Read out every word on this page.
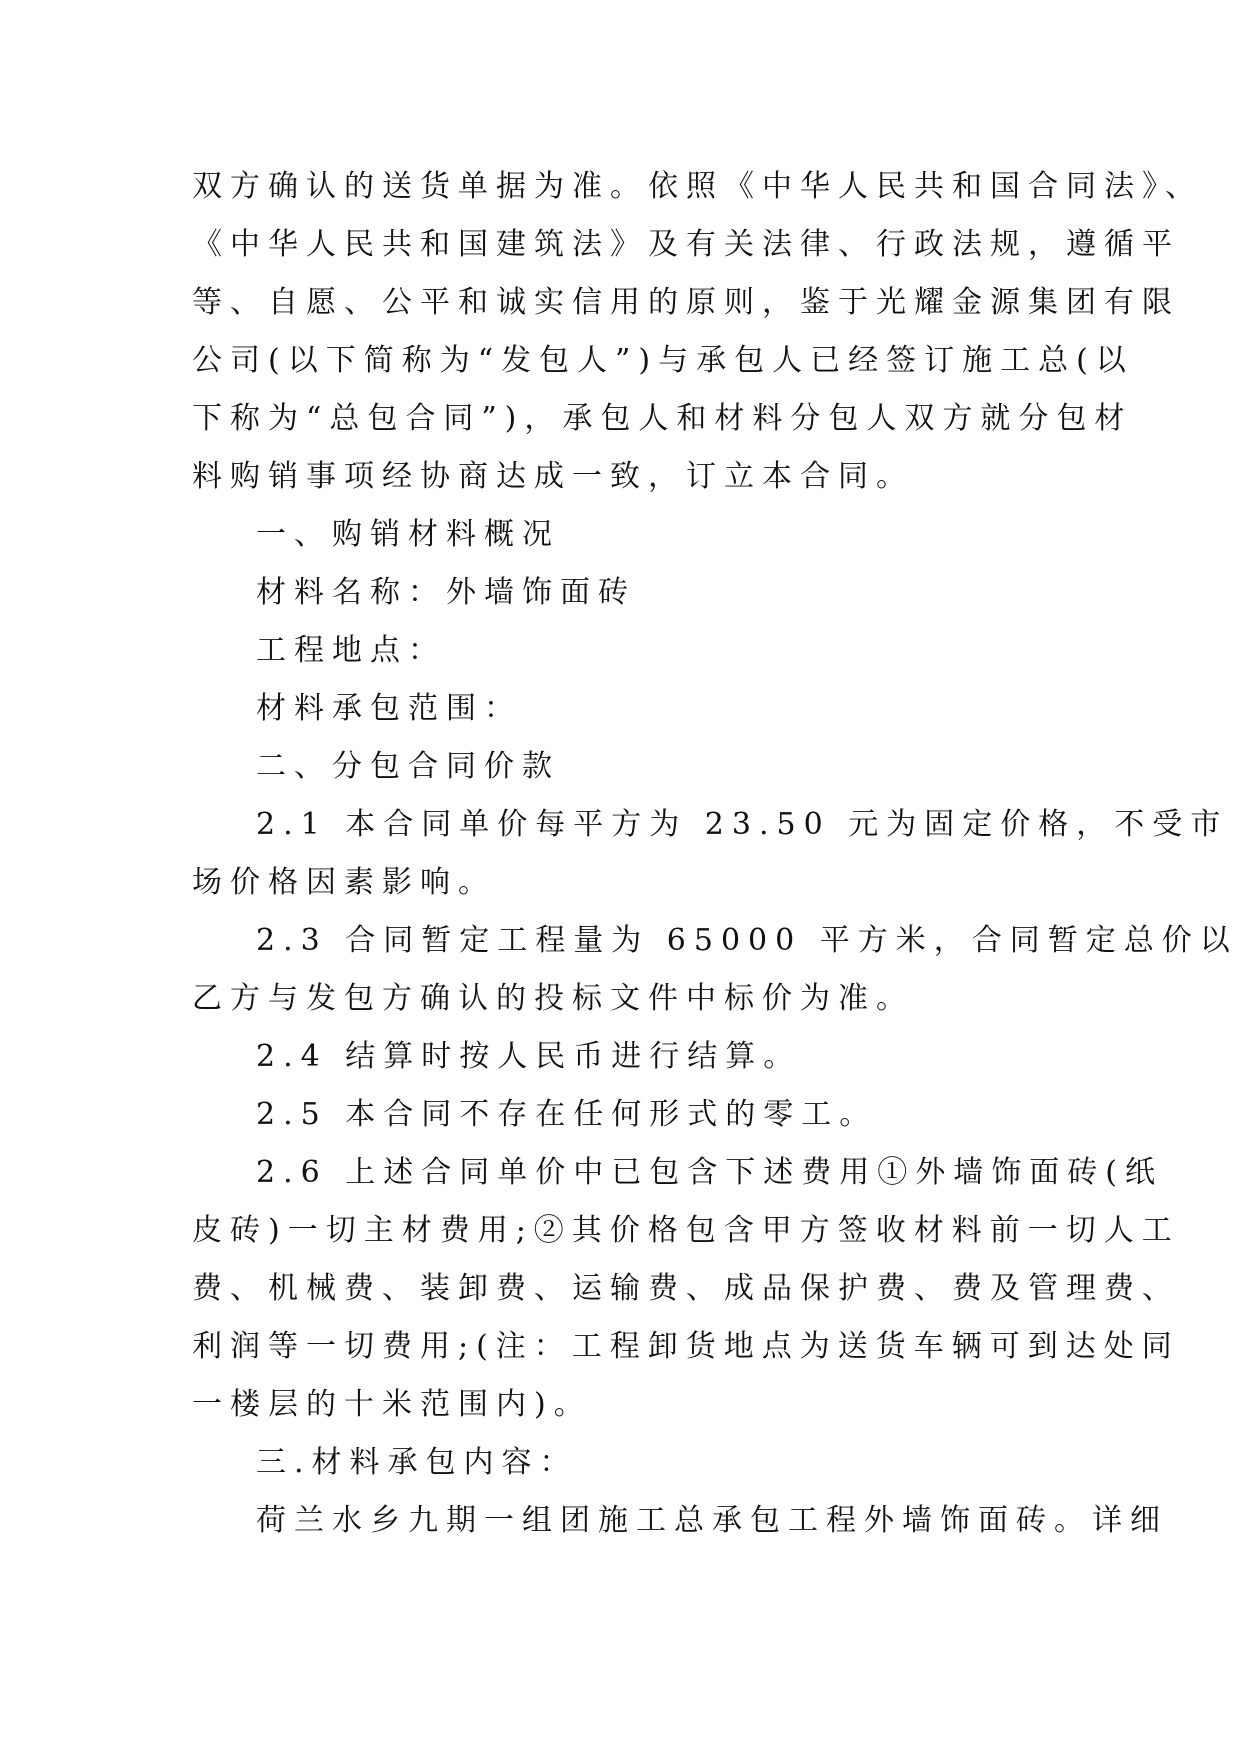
双方确认的送货单据为准。依照《中华人民共和国合同法》、
《中华人民共和国建筑法》及有关法律、行政法规，遵循平
等、自愿、公平和诚实信用的原则，鉴于光耀金源集团有限
公司(以下简称为“发包人”)与承包人已经签订施工总(以
下称为“总包合同”)，承包人和材料分包人双方就分包材
料购销事项经协商达成一致，订立本合同。
一、购销材料概况
材料名称：外墙饰面砖
工程地点：
材料承包范围：
二、分包合同价款
2.1 本合同单价每平方为 23.50 元为固定价格，不受市
场价格因素影响。
2.3 合同暂定工程量为 65000 平方米，合同暂定总价以
乙方与发包方确认的投标文件中标价为准。
2.4 结算时按人民币进行结算。
2.5 本合同不存在任何形式的零工。
2.6 上述合同单价中已包含下述费用①外墙饰面砖(纸
皮砖)一切主材费用;②其价格包含甲方签收材料前一切人工
费、机械费、装卸费、运输费、成品保护费、费及管理费、
利润等一切费用;(注：工程卸货地点为送货车辆可到达处同
一楼层的十米范围内)。
三.材料承包内容：
荷兰水乡九期一组团施工总承包工程外墙饰面砖。详细
